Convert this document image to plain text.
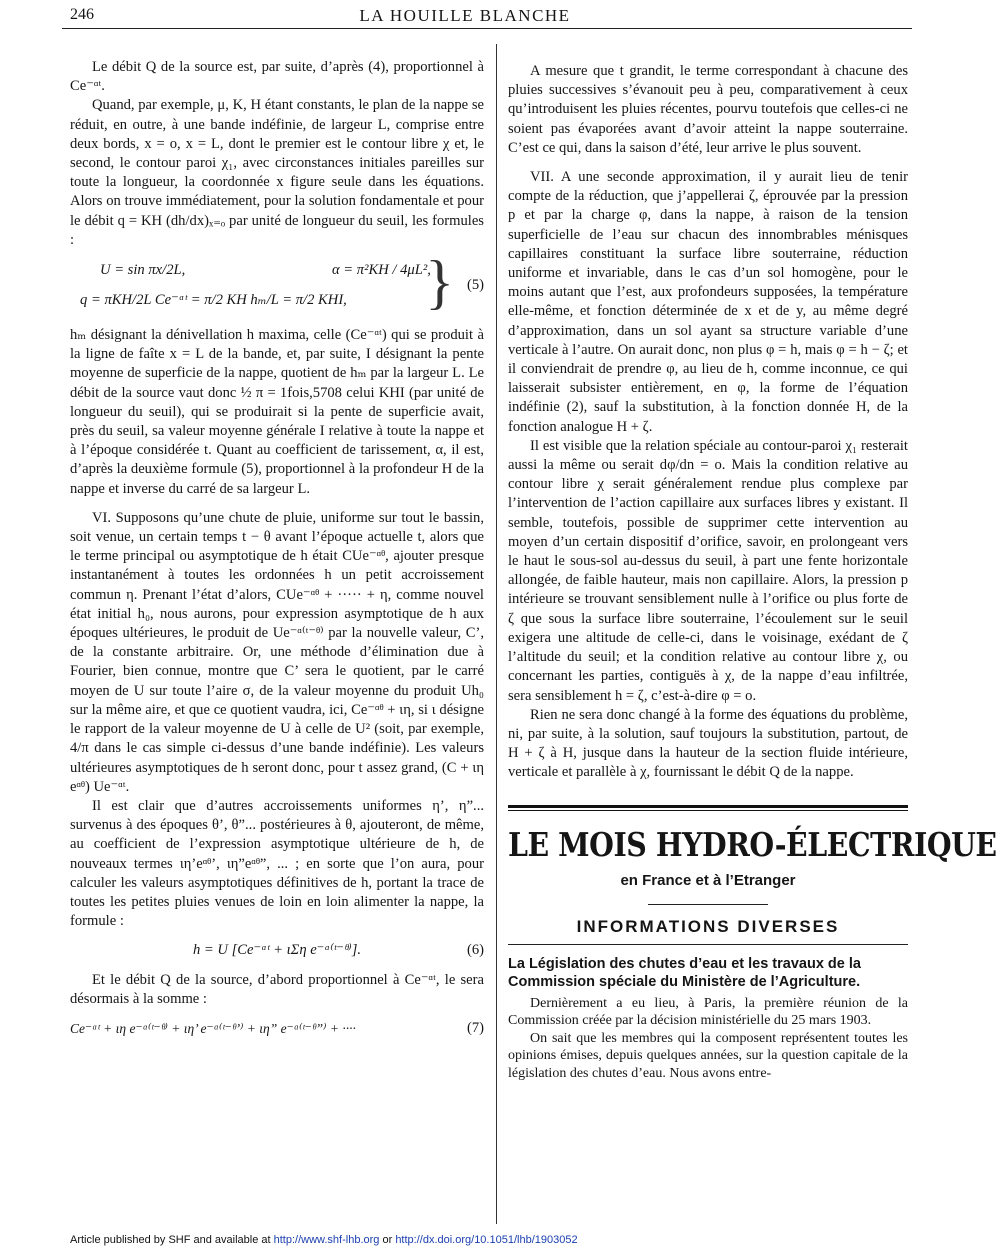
246	LA HOUILLE BLANCHE

Le débit Q de la source est, par suite, d’après (4), proportionnel à Ce⁻ᵅᵗ.

Quand, par exemple, μ, K, H étant constants, le plan de la nappe se réduit, en outre, à une bande indéfinie, de largeur L, comprise entre deux bords, x = o, x = L, dont le premier est le contour libre χ et, le second, le contour paroi χ₁, avec circonstances initiales pareilles sur toute la longueur, la coordonnée x figure seule dans les équations. Alors on trouve immédiatement, pour la solution fondamentale et pour le débit q = KH (dh/dx)ₓ₌ₒ par unité de longueur du seuil, les formules :

U = sin πx/2L,	α = π²KH / 4μL²,
q = πKH/2L Ce⁻ᵅᵗ = π/2 KH hₘ/L = π/2 KHI, } (5)

hₘ désignant la dénivellation h maxima, celle (Ce⁻ᵅᵗ) qui se produit à la ligne de faîte x = L de la bande, et, par suite, I désignant la pente moyenne de superficie de la nappe, quotient de hₘ par la largeur L. Le débit de la source vaut donc ½ π = 1fois,5708 celui KHI (par unité de longueur du seuil), qui se produirait si la pente de superficie avait, près du seuil, sa valeur moyenne générale I relative à toute la nappe et à l’époque considérée t. Quant au coefficient de tarissement, α, il est, d’après la deuxième formule (5), proportionnel à la profondeur H de la nappe et inverse du carré de sa largeur L.

VI. Supposons qu’une chute de pluie, uniforme sur tout le bassin, soit venue, un certain temps t − θ avant l’époque actuelle t, alors que le terme principal ou asymptotique de h était CUe⁻ᵅᶿ, ajouter presque instantanément à toutes les ordonnées h un petit accroissement commun η. Prenant l’état d’alors, CUe⁻ᵅᶿ + ····· + η, comme nouvel état initial h₀, nous aurons, pour expression asymptotique de h aux époques ultérieures, le produit de Ue⁻ᵅ⁽ᵗ⁻ᶿ⁾ par la nouvelle valeur, C’, de la constante arbitraire. Or, une méthode d’élimination due à Fourier, bien connue, montre que C’ sera le quotient, par le carré moyen de U sur toute l’aire σ, de la valeur moyenne du produit Uh₀ sur la même aire, et que ce quotient vaudra, ici, Ce⁻ᵅᶿ + ιη, si ι désigne le rapport de la valeur moyenne de U à celle de U² (soit, par exemple, 4/π dans le cas simple ci-dessus d’une bande indéfinie). Les valeurs ultérieures asymptotiques de h seront donc, pour t assez grand, (C + ιη eᵅᶿ) Ue⁻ᵅᵗ.

Il est clair que d’autres accroissements uniformes η’, η”... survenus à des époques θ’, θ”... postérieures à θ, ajouteront, de même, au coefficient de l’expression asymptotique ultérieure de h, de nouveaux termes ιη’eᵅᶿ’, ιη”eᵅᶿ”, ... ; en sorte que l’on aura, pour calculer les valeurs asymptotiques définitives de h, portant la trace de toutes les petites pluies venues de loin en loin alimenter la nappe, la formule :

h = U [Ce⁻ᵅᵗ + ιΣη e⁻ᵅ⁽ᵗ⁻ᶿ⁾].	(6)

Et le débit Q de la source, d’abord proportionnel à Ce⁻ᵅᵗ, le sera désormais à la somme :

Ce⁻ᵅᵗ + ιη e⁻ᵅ⁽ᵗ⁻ᶿ⁾ + ιη’ e⁻ᵅ⁽ᵗ⁻ᶿ’⁾ + ιη” e⁻ᵅ⁽ᵗ⁻ᶿ”⁾ + ····	(7)

A mesure que t grandit, le terme correspondant à chacune des pluies successives s’évanouit peu à peu, comparativement à ceux qu’introduisent les pluies récentes, pourvu toutefois que celles-ci ne soient pas évaporées avant d’avoir atteint la nappe souterraine. C’est ce qui, dans la saison d’été, leur arrive le plus souvent.

VII. A une seconde approximation, il y aurait lieu de tenir compte de la réduction, que j’appellerai ζ, éprouvée par la pression p et par la charge φ, dans la nappe, à raison de la tension superficielle de l’eau sur chacun des innombrables ménisques capillaires constituant la surface libre souterraine, réduction uniforme et invariable, dans le cas d’un sol homogène, pour le moins autant que l’est, aux profondeurs supposées, la température elle-même, et fonction déterminée de x et de y, au même degré d’approximation, dans un sol ayant sa structure variable d’une verticale à l’autre. On aurait donc, non plus φ = h, mais φ = h − ζ; et il conviendrait de prendre φ, au lieu de h, comme inconnue, ce qui laisserait subsister entièrement, en φ, la forme de l’équation indéfinie (2), sauf la substitution, à la fonction donnée H, de la fonction analogue H + ζ.

Il est visible que la relation spéciale au contour-paroi χ₁ resterait aussi la même ou serait dφ/dn = o. Mais la condition relative au contour libre χ serait généralement rendue plus complexe par l’intervention de l’action capillaire aux surfaces libres y existant. Il semble, toutefois, possible de supprimer cette intervention au moyen d’un certain dispositif d’orifice, savoir, en prolongeant vers le haut le sous-sol au-dessus du seuil, à part une fente horizontale allongée, de faible hauteur, mais non capillaire. Alors, la pression p intérieure se trouvant sensiblement nulle à l’orifice ou plus forte de ζ que sous la surface libre souterraine, l’écoulement sur le seuil exigera une altitude de celle-ci, dans le voisinage, exédant de ζ l’altitude du seuil; et la condition relative au contour libre χ, ou concernant les parties, contiguës à χ, de la nappe d’eau infiltrée, sera sensiblement h = ζ, c’est-à-dire φ = o.

Rien ne sera donc changé à la forme des équations du problème, ni, par suite, à la solution, sauf toujours la substitution, partout, de H + ζ à H, jusque dans la hauteur de la section fluide intérieure, verticale et parallèle à χ, fournissant le débit Q de la nappe.

LE MOIS HYDRO-ÉLECTRIQUE
en France et à l’Etranger
INFORMATIONS DIVERSES
La Législation des chutes d’eau et les travaux de la Commission spéciale du Ministère de l’Agriculture.

Dernièrement a eu lieu, à Paris, la première réunion de la Commission créée par la décision ministérielle du 25 mars 1903.

On sait que les membres qui la composent représentent toutes les opinions émises, depuis quelques années, sur la question capitale de la législation des chutes d’eau. Nous avons entre-

Article published by SHF and available at http://www.shf-lhb.org or http://dx.doi.org/10.1051/lhb/1903052
